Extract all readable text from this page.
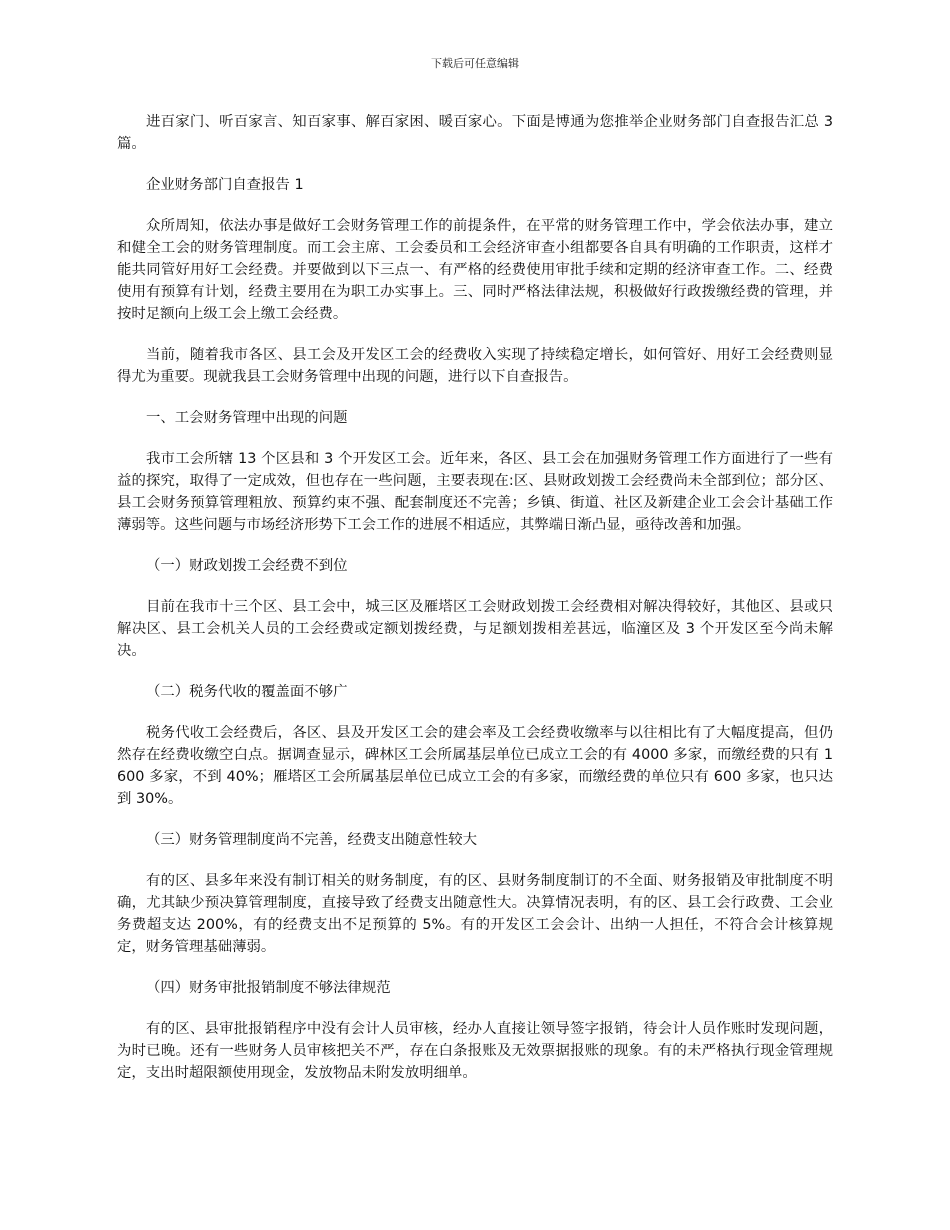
下载后可任意编辑

进百家门、听百家言、知百家事、解百家困、暖百家心。下面是博通为您推举企业财务部门自查报告汇总 3 篇。

企业财务部门自查报告 1

众所周知，依法办事是做好工会财务管理工作的前提条件，在平常的财务管理工作中，学会依法办事，建立和健全工会的财务管理制度。而工会主席、工会委员和工会经济审查小组都要各自具有明确的工作职责，这样才能共同管好用好工会经费。并要做到以下三点一、有严格的经费使用审批手续和定期的经济审查工作。二、经费使用有预算有计划，经费主要用在为职工办实事上。三、同时严格法律法规，积极做好行政拨缴经费的管理，并按时足额向上级工会上缴工会经费。

当前，随着我市各区、县工会及开发区工会的经费收入实现了持续稳定增长，如何管好、用好工会经费则显得尤为重要。现就我县工会财务管理中出现的问题，进行以下自查报告。

一、工会财务管理中出现的问题

我市工会所辖 13 个区县和 3 个开发区工会。近年来，各区、县工会在加强财务管理工作方面进行了一些有益的探究，取得了一定成效，但也存在一些问题，主要表现在:区、县财政划拨工会经费尚未全部到位；部分区、县工会财务预算管理粗放、预算约束不强、配套制度还不完善；乡镇、街道、社区及新建企业工会会计基础工作薄弱等。这些问题与市场经济形势下工会工作的进展不相适应，其弊端日渐凸显，亟待改善和加强。

（一）财政划拨工会经费不到位

目前在我市十三个区、县工会中，城三区及雁塔区工会财政划拨工会经费相对解决得较好，其他区、县或只解决区、县工会机关人员的工会经费或定额划拨经费，与足额划拨相差甚远，临潼区及 3 个开发区至今尚未解决。

（二）税务代收的覆盖面不够广

税务代收工会经费后，各区、县及开发区工会的建会率及工会经费收缴率与以往相比有了大幅度提高，但仍然存在经费收缴空白点。据调查显示，碑林区工会所属基层单位已成立工会的有 4000 多家，而缴经费的只有 1600 多家，不到 40%；雁塔区工会所属基层单位已成立工会的有多家，而缴经费的单位只有 600 多家，也只达到 30%。

（三）财务管理制度尚不完善，经费支出随意性较大

有的区、县多年来没有制订相关的财务制度，有的区、县财务制度制订的不全面、财务报销及审批制度不明确，尤其缺少预决算管理制度，直接导致了经费支出随意性大。决算情况表明，有的区、县工会行政费、工会业务费超支达 200%，有的经费支出不足预算的 5%。有的开发区工会会计、出纳一人担任，不符合会计核算规定，财务管理基础薄弱。

（四）财务审批报销制度不够法律规范

有的区、县审批报销程序中没有会计人员审核，经办人直接让领导签字报销，待会计人员作账时发现问题，为时已晚。还有一些财务人员审核把关不严，存在白条报账及无效票据报账的现象。有的未严格执行现金管理规定，支出时超限额使用现金，发放物品未附发放明细单。
